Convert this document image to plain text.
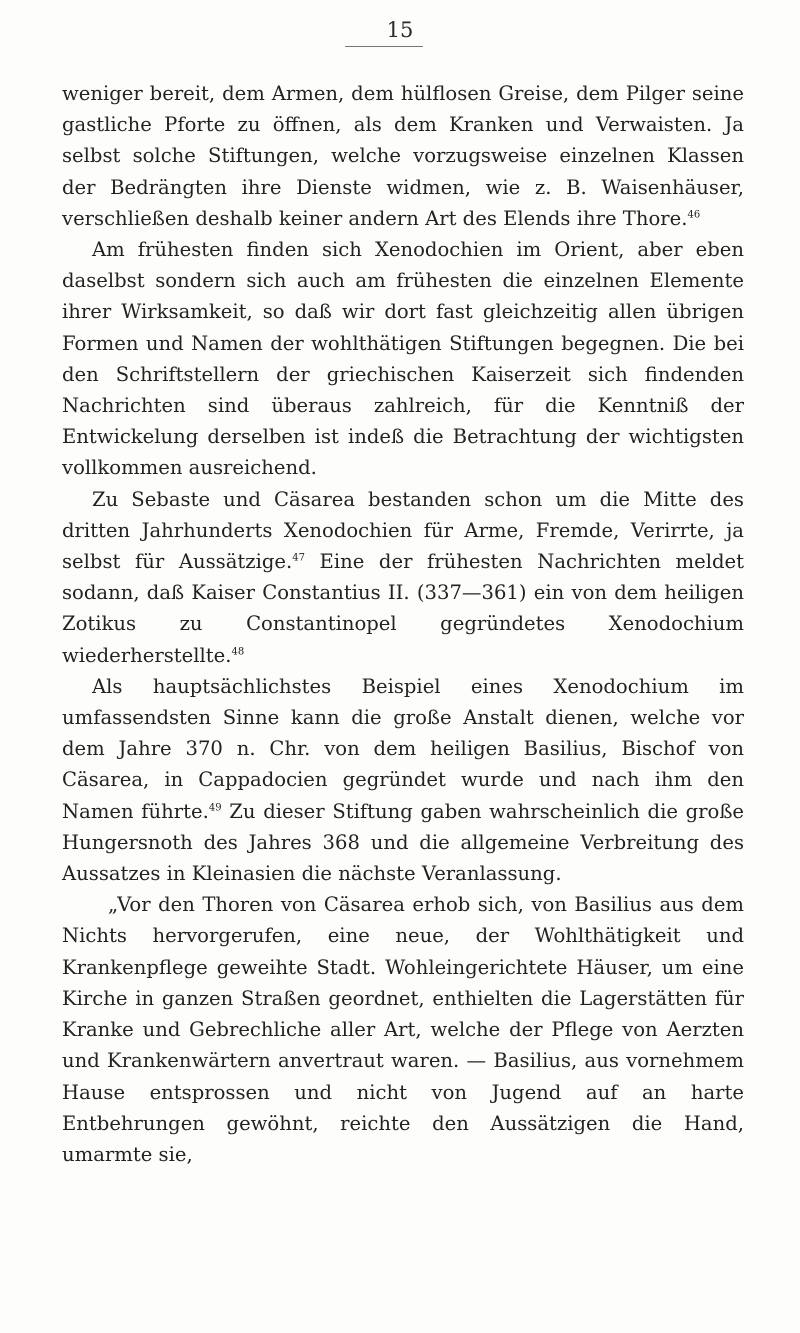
15

weniger bereit, dem Armen, dem hülflosen Greise, dem Pilger seine gastliche Pforte zu öffnen, als dem Kranken und Verwaisten. Ja selbst solche Stiftungen, welche vorzugsweise einzelnen Klassen der Bedrängten ihre Dienste widmen, wie z. B. Waisenhäuser, verschließen deshalb keiner andern Art des Elends ihre Thore.$^{46}$

Am frühesten finden sich Xenodochien im Orient, aber eben daselbst sondern sich auch am frühesten die einzelnen Elemente ihrer Wirksamkeit, so daß wir dort fast gleichzeitig allen übrigen Formen und Namen der wohlthätigen Stiftungen begegnen. Die bei den Schriftstellern der griechischen Kaiserzeit sich findenden Nachrichten sind überaus zahlreich, für die Kenntniß der Entwickelung derselben ist indeß die Betrachtung der wichtigsten vollkommen ausreichend.

Zu Sebaste und Cäsarea bestanden schon um die Mitte des dritten Jahrhunderts Xenodochien für Arme, Fremde, Verirrte, ja selbst für Aussätzige.$^{47}$ Eine der frühesten Nachrichten meldet sodann, daß Kaiser Constantius II. (337—361) ein von dem heiligen Zotikus zu Constantinopel gegründetes Xenodochium wiederherstellte.$^{48}$

Als hauptsächlichstes Beispiel eines Xenodochium im umfassendsten Sinne kann die große Anstalt dienen, welche vor dem Jahre 370 n. Chr. von dem heiligen Basilius, Bischof von Cäsarea, in Cappadocien gegründet wurde und nach ihm den Namen führte.$^{49}$ Zu dieser Stiftung gaben wahrscheinlich die große Hungersnoth des Jahres 368 und die allgemeine Verbreitung des Aussatzes in Kleinasien die nächste Veranlassung.

„Vor den Thoren von Cäsarea erhob sich, von Basilius aus dem Nichts hervorgerufen, eine neue, der Wohlthätigkeit und Krankenpflege geweihte Stadt. Wohleingerichtete Häuser, um eine Kirche in ganzen Straßen geordnet, enthielten die Lagerstätten für Kranke und Gebrechliche aller Art, welche der Pflege von Aerzten und Krankenwärtern anvertraut waren. — Basilius, aus vornehmem Hause entsprossen und nicht von Jugend auf an harte Entbehrungen gewöhnt, reichte den Aussätzigen die Hand, umarmte sie,
